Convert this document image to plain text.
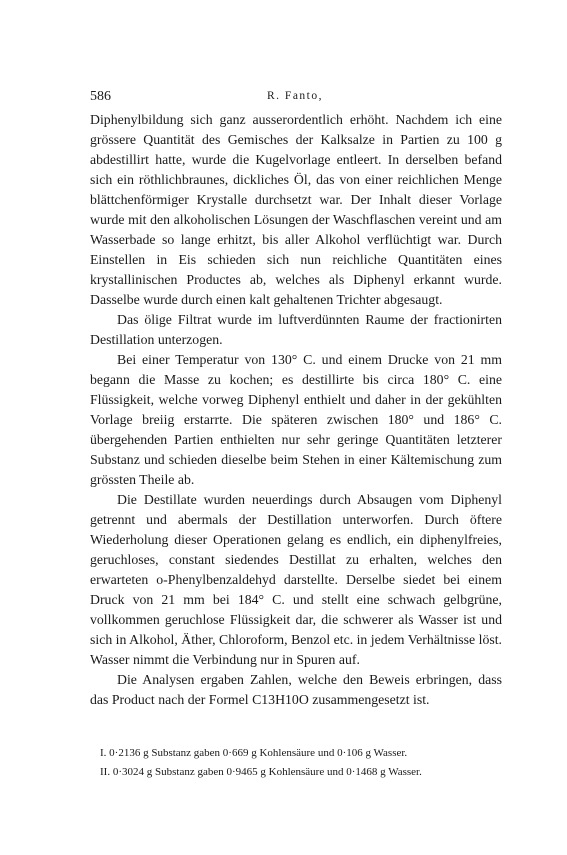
586	R. Fanto,

Diphenylbildung sich ganz ausserordentlich erhöht. Nachdem ich eine grössere Quantität des Gemisches der Kalksalze in Partien zu 100 g abdestillirt hatte, wurde die Kugelvorlage entleert. In derselben befand sich ein röthlichbraunes, dickliches Öl, das von einer reichlichen Menge blättchenförmiger Krystalle durchsetzt war. Der Inhalt dieser Vorlage wurde mit den alkoholischen Lösungen der Waschflaschen vereint und am Wasserbade so lange erhitzt, bis aller Alkohol verflüchtigt war. Durch Einstellen in Eis schieden sich nun reichliche Quantitäten eines krystallinischen Productes ab, welches als Diphenyl erkannt wurde. Dasselbe wurde durch einen kalt gehaltenen Trichter abgesaugt.

Das ölige Filtrat wurde im luftverdünnten Raume der fractionirten Destillation unterzogen.

Bei einer Temperatur von 130° C. und einem Drucke von 21 mm begann die Masse zu kochen; es destillirte bis circa 180° C. eine Flüssigkeit, welche vorweg Diphenyl enthielt und daher in der gekühlten Vorlage breiig erstarrte. Die späteren zwischen 180° und 186° C. übergehenden Partien enthielten nur sehr geringe Quantitäten letzterer Substanz und schieden dieselbe beim Stehen in einer Kältemischung zum grössten Theile ab.

Die Destillate wurden neuerdings durch Absaugen vom Diphenyl getrennt und abermals der Destillation unterworfen. Durch öftere Wiederholung dieser Operationen gelang es endlich, ein diphenylfreies, geruchloses, constant siedendes Destillat zu erhalten, welches den erwarteten o-Phenylbenzaldehyd darstellte. Derselbe siedet bei einem Druck von 21 mm bei 184° C. und stellt eine schwach gelbgrüne, vollkommen geruchlose Flüssigkeit dar, die schwerer als Wasser ist und sich in Alkohol, Äther, Chloroform, Benzol etc. in jedem Verhältnisse löst. Wasser nimmt die Verbindung nur in Spuren auf.

Die Analysen ergaben Zahlen, welche den Beweis erbringen, dass das Product nach der Formel C13H10O zusammengesetzt ist.

I. 0·2136 g Substanz gaben 0·669 g Kohlensäure und 0·106 g Wasser.
II. 0·3024 g Substanz gaben 0·9465 g Kohlensäure und 0·1468 g Wasser.
